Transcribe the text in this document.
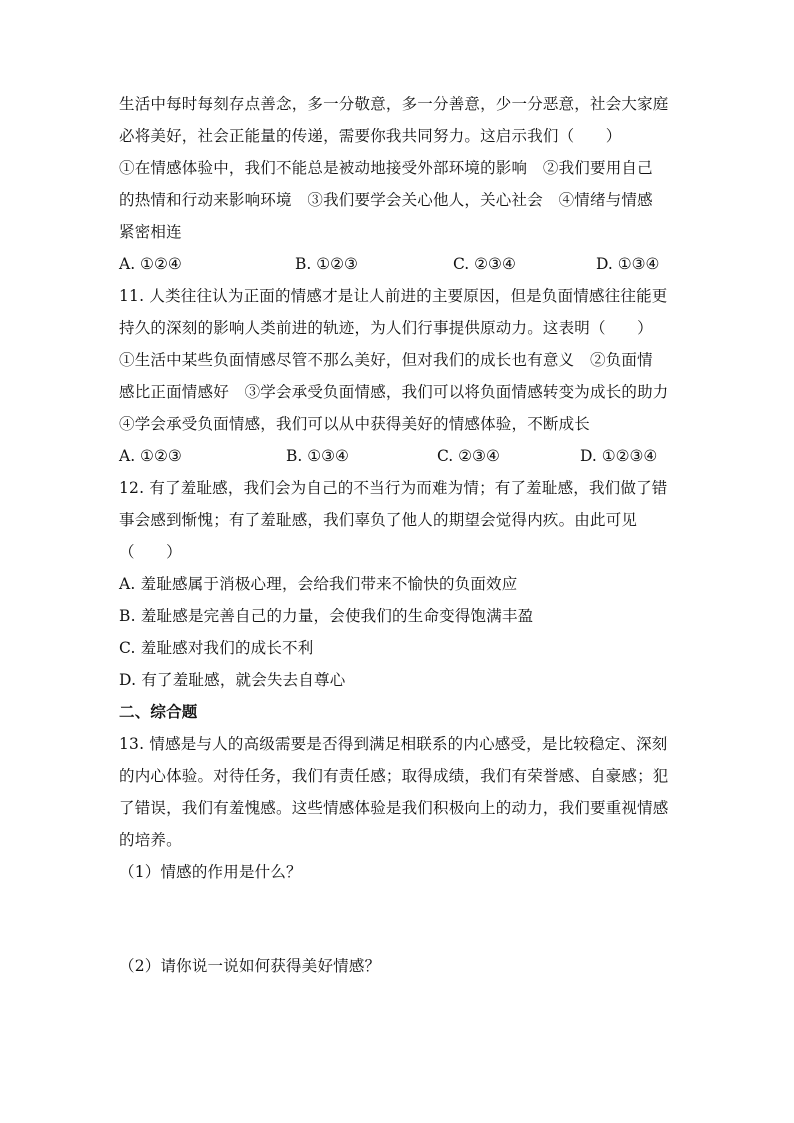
生活中每时每刻存点善念，多一分敬意，多一分善意，少一分恶意，社会大家庭
必将美好，社会正能量的传递，需要你我共同努力。这启示我们（　　）
①在情感体验中，我们不能总是被动地接受外部环境的影响　②我们要用自己
的热情和行动来影响环境　③我们要学会关心他人，关心社会　④情绪与情感
紧密相连
A. ①②④	B. ①②③	C. ②③④	D. ①③④
11. 人类往往认为正面的情感才是让人前进的主要原因，但是负面情感往往能更
持久的深刻的影响人类前进的轨迹，为人们行事提供原动力。这表明（　　）
①生活中某些负面情感尽管不那么美好，但对我们的成长也有意义　②负面情
感比正面情感好　③学会承受负面情感，我们可以将负面情感转变为成长的助力
④学会承受负面情感，我们可以从中获得美好的情感体验，不断成长
A. ①②③	B. ①③④	C. ②③④	D. ①②③④
12. 有了羞耻感，我们会为自己的不当行为而难为情；有了羞耻感，我们做了错
事会感到惭愧；有了羞耻感，我们辜负了他人的期望会觉得内疚。由此可见
（　　）
A. 羞耻感属于消极心理，会给我们带来不愉快的负面效应
B. 羞耻感是完善自己的力量，会使我们的生命变得饱满丰盈
C. 羞耻感对我们的成长不利
D. 有了羞耻感，就会失去自尊心
二、综合题
13. 情感是与人的高级需要是否得到满足相联系的内心感受，是比较稳定、深刻
的内心体验。对待任务，我们有责任感；取得成绩，我们有荣誉感、自豪感；犯
了错误，我们有羞愧感。这些情感体验是我们积极向上的动力，我们要重视情感
的培养。
（1）情感的作用是什么？
（2）请你说一说如何获得美好情感？
